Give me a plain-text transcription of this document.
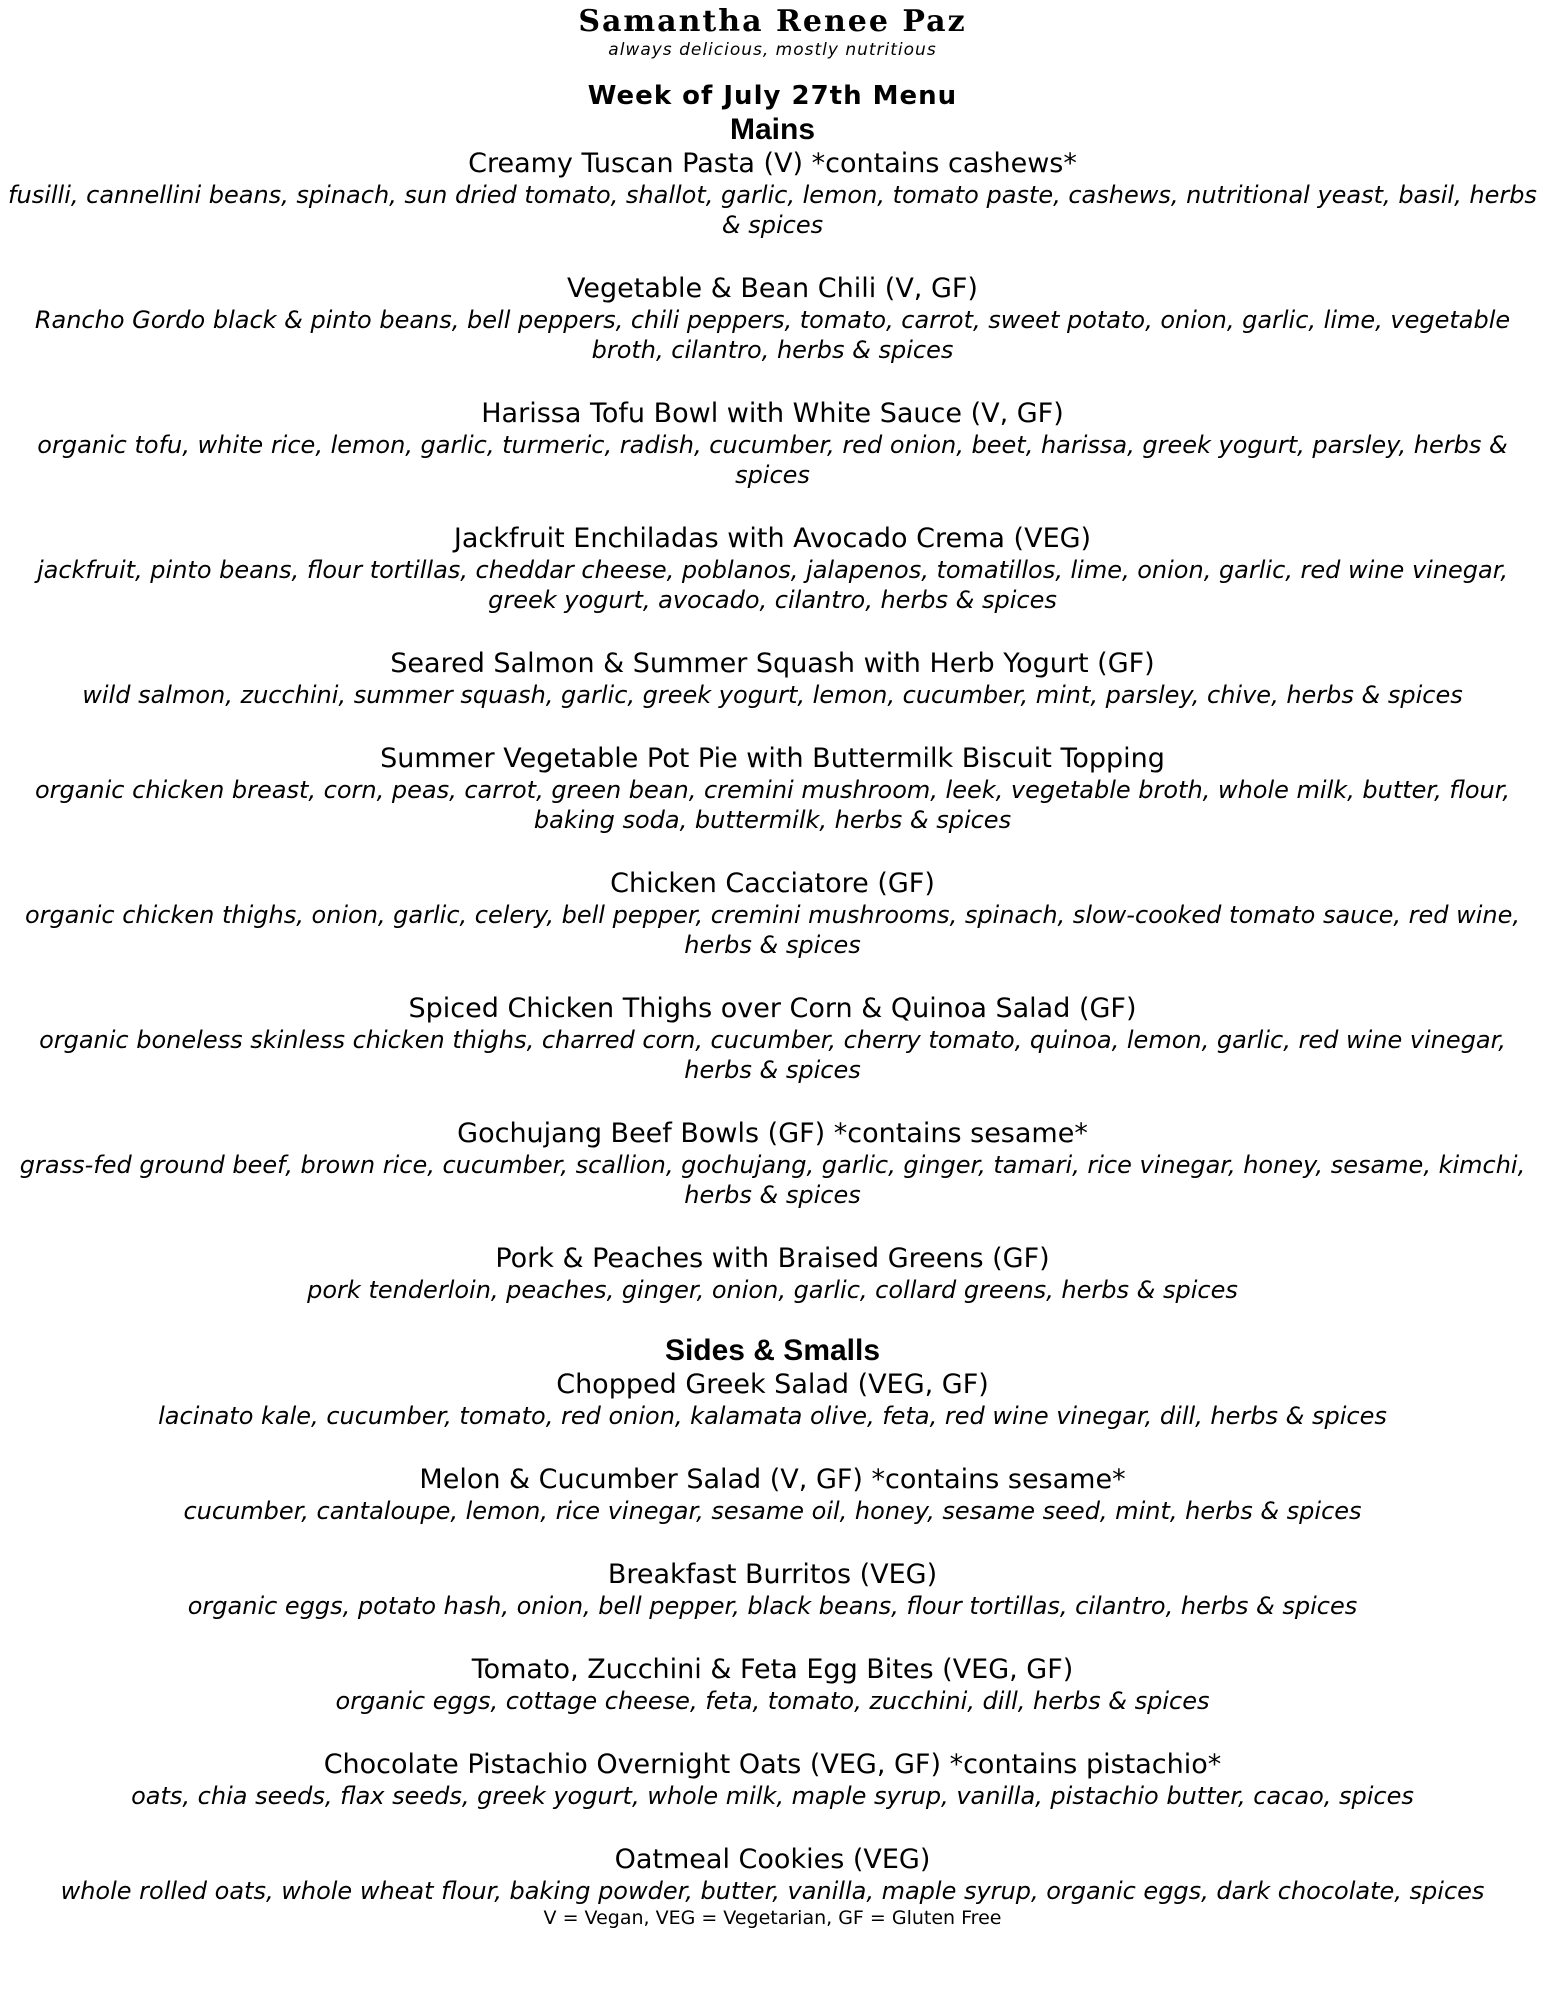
Samantha Renee Paz

always delicious, mostly nutritious

Week of July 27th Menu

Mains

Creamy Tuscan Pasta (V) *contains cashews*

fusilli, cannellini beans, spinach, sun dried tomato, shallot, garlic, lemon, tomato paste, cashews, nutritional yeast, basil, herbs & spices

Vegetable & Bean Chili (V, GF)

Rancho Gordo black & pinto beans, bell peppers, chili peppers, tomato, carrot, sweet potato, onion, garlic, lime, vegetable broth, cilantro, herbs & spices

Harissa Tofu Bowl with White Sauce (V, GF)

organic tofu, white rice, lemon, garlic, turmeric, radish, cucumber, red onion, beet, harissa, greek yogurt, parsley, herbs & spices

Jackfruit Enchiladas with Avocado Crema (VEG)

jackfruit, pinto beans, flour tortillas, cheddar cheese, poblanos, jalapenos, tomatillos, lime, onion, garlic, red wine vinegar, greek yogurt, avocado, cilantro, herbs & spices

Seared Salmon & Summer Squash with Herb Yogurt (GF)

wild salmon, zucchini, summer squash, garlic, greek yogurt, lemon, cucumber, mint, parsley, chive, herbs & spices

Summer Vegetable Pot Pie with Buttermilk Biscuit Topping

organic chicken breast, corn, peas, carrot, green bean, cremini mushroom, leek, vegetable broth, whole milk, butter, flour, baking soda, buttermilk, herbs & spices

Chicken Cacciatore (GF)

organic chicken thighs, onion, garlic, celery, bell pepper, cremini mushrooms, spinach, slow-cooked tomato sauce, red wine, herbs & spices

Spiced Chicken Thighs over Corn & Quinoa Salad (GF)

organic boneless skinless chicken thighs, charred corn, cucumber, cherry tomato, quinoa, lemon, garlic, red wine vinegar, herbs & spices

Gochujang Beef Bowls (GF) *contains sesame*

grass-fed ground beef, brown rice, cucumber, scallion, gochujang, garlic, ginger, tamari, rice vinegar, honey, sesame, kimchi, herbs & spices

Pork & Peaches with Braised Greens (GF)

pork tenderloin, peaches, ginger, onion, garlic, collard greens, herbs & spices

Sides & Smalls

Chopped Greek Salad (VEG, GF)

lacinato kale, cucumber, tomato, red onion, kalamata olive, feta, red wine vinegar, dill, herbs & spices

Melon & Cucumber Salad (V, GF) *contains sesame*

cucumber, cantaloupe, lemon, rice vinegar, sesame oil, honey, sesame seed, mint, herbs & spices

Breakfast Burritos (VEG)

organic eggs, potato hash, onion, bell pepper, black beans, flour tortillas, cilantro, herbs & spices

Tomato, Zucchini & Feta Egg Bites (VEG, GF)

organic eggs, cottage cheese, feta, tomato, zucchini, dill, herbs & spices

Chocolate Pistachio Overnight Oats (VEG, GF) *contains pistachio*

oats, chia seeds, flax seeds, greek yogurt, whole milk, maple syrup, vanilla, pistachio butter, cacao, spices

Oatmeal Cookies (VEG)

whole rolled oats, whole wheat flour, baking powder, butter, vanilla, maple syrup, organic eggs, dark chocolate, spices

V = Vegan, VEG = Vegetarian, GF = Gluten Free
